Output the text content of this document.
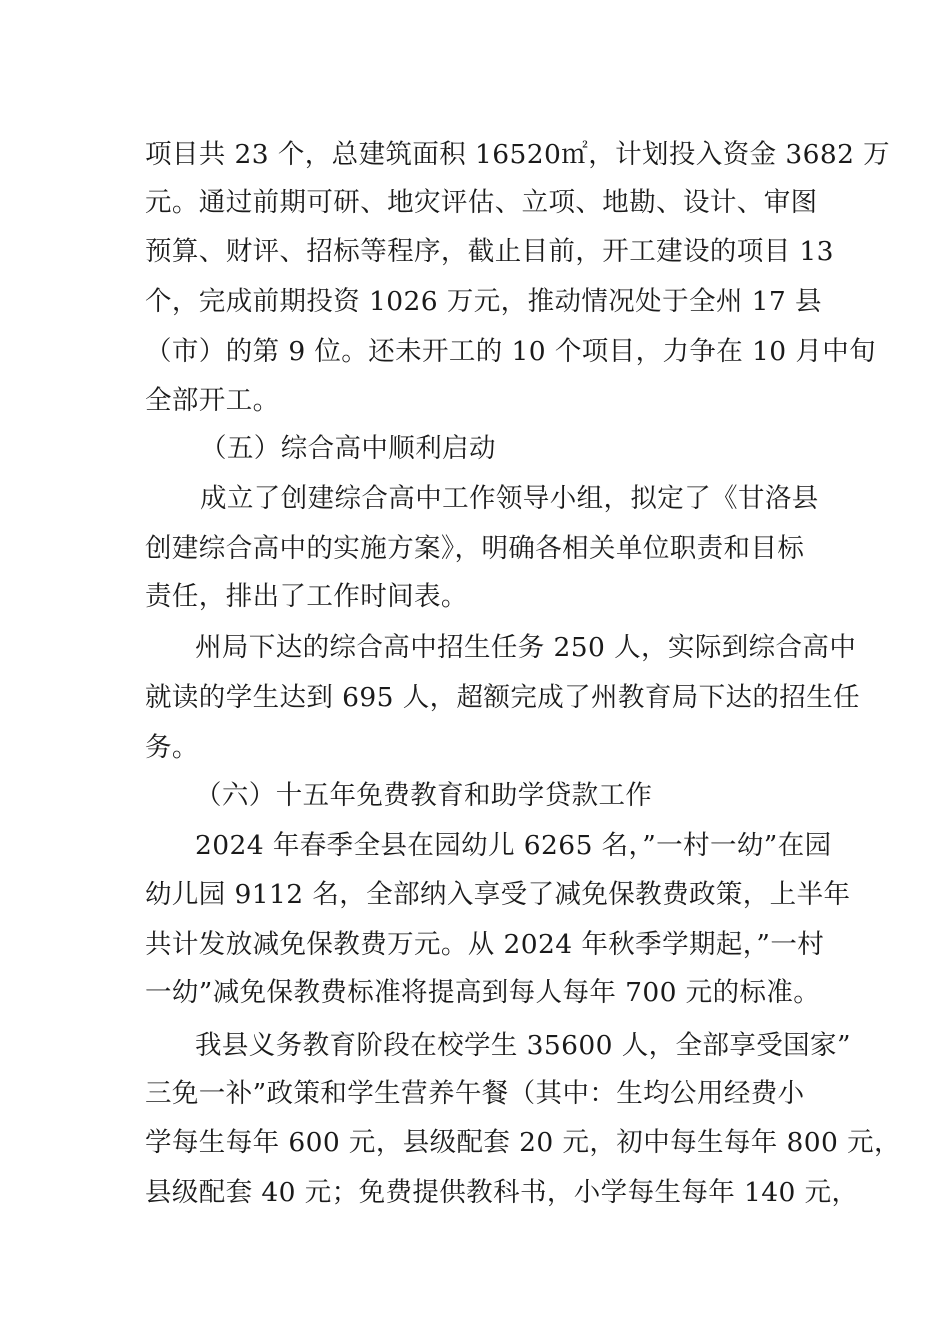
项目共 23 个，总建筑面积 16520㎡，计划投入资金 3682 万
元。通过前期可研、地灾评估、立项、地勘、设计、审图
预算、财评、招标等程序，截止目前，开工建设的项目 13
个，完成前期投资 1026 万元，推动情况处于全州 17 县
（市）的第 9 位。还未开工的 10 个项目，力争在 10 月中旬
全部开工。
（五）综合高中顺利启动
成立了创建综合高中工作领导小组，拟定了《甘洛县
创建综合高中的实施方案》，明确各相关单位职责和目标
责任，排出了工作时间表。
州局下达的综合高中招生任务 250 人，实际到综合高中
就读的学生达到 695 人，超额完成了州教育局下达的招生任
务。
（六）十五年免费教育和助学贷款工作
2024 年春季全县在园幼儿 6265 名，”一村一幼”在园
幼儿园 9112 名，全部纳入享受了减免保教费政策，上半年
共计发放减免保教费万元。从 2024 年秋季学期起，”一村
一幼”减免保教费标准将提高到每人每年 700 元的标准。
我县义务教育阶段在校学生 35600 人，全部享受国家”
三免一补”政策和学生营养午餐（其中：生均公用经费小
学每生每年 600 元，县级配套 20 元，初中每生每年 800 元，
县级配套 40 元；免费提供教科书，小学每生每年 140 元，
